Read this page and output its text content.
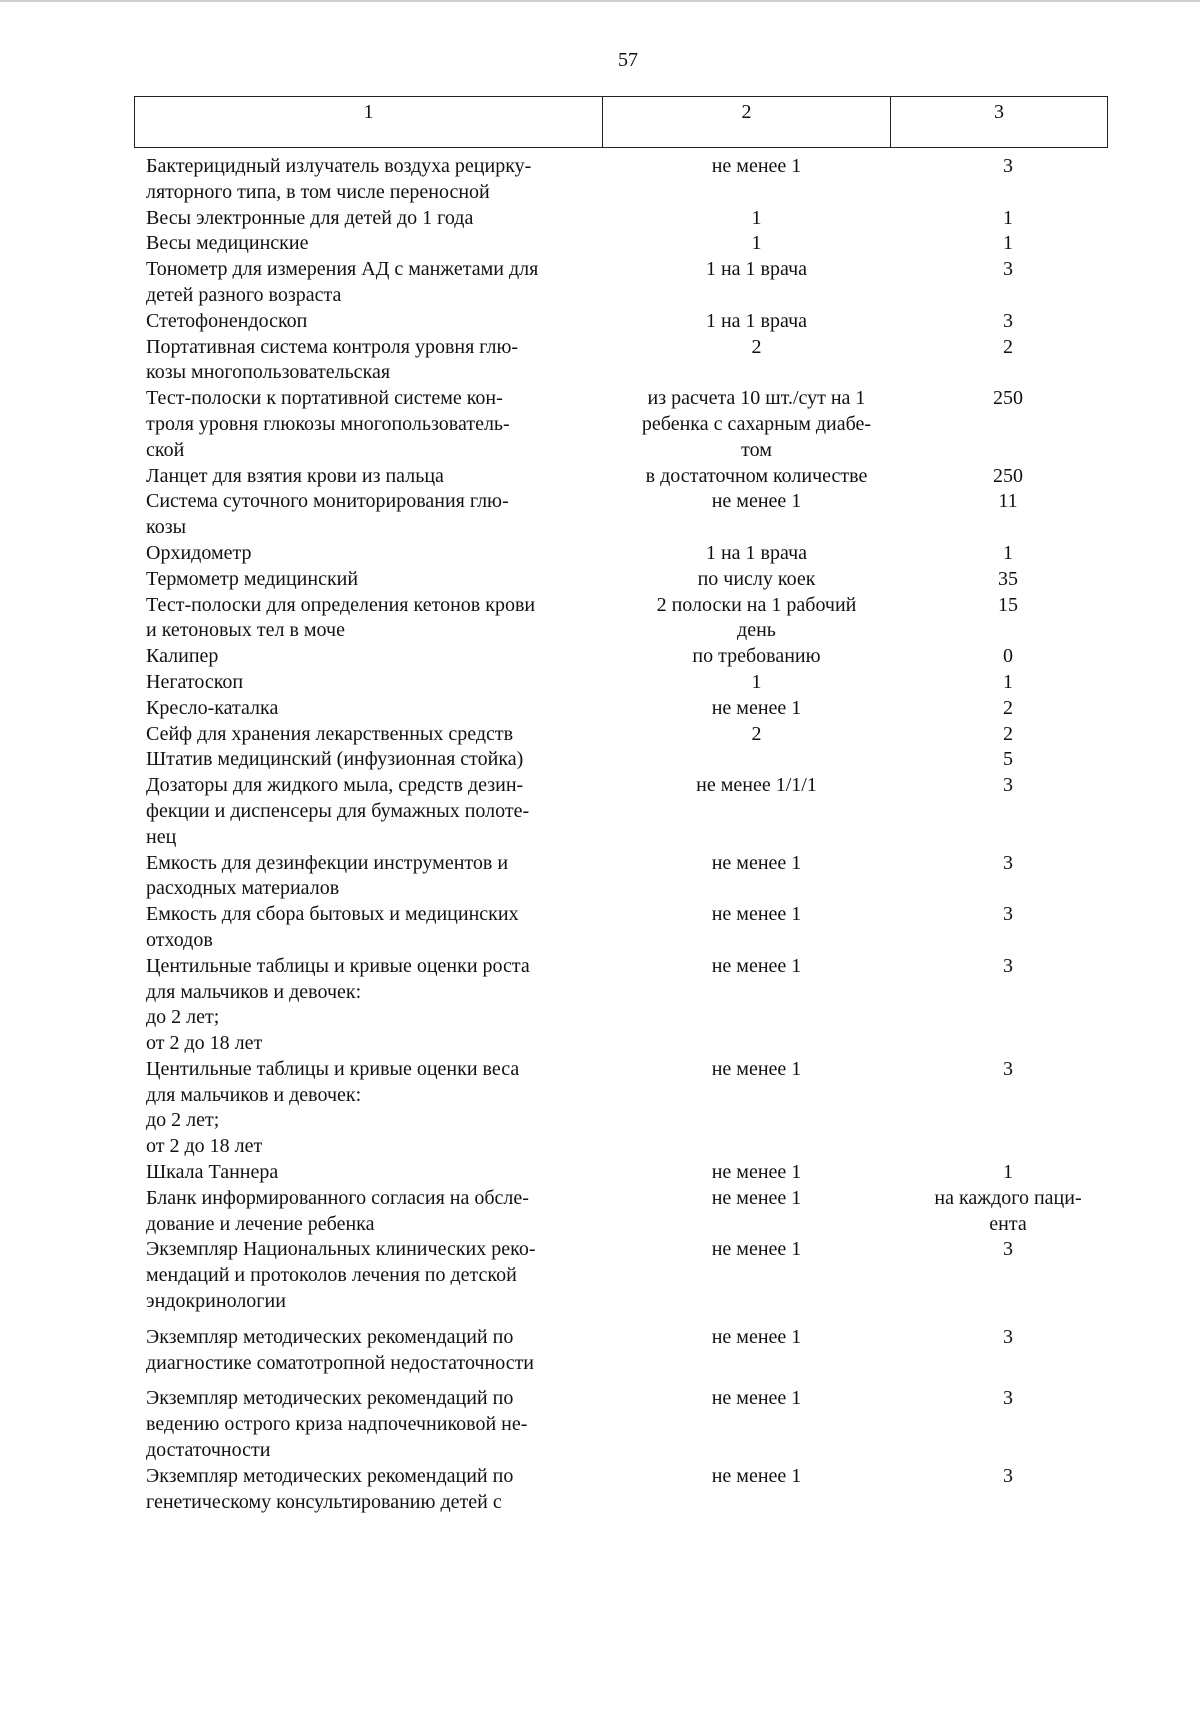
57
1	2	3
Бактерицидный излучатель воздуха рецирку-
ляторного типа, в том числе переносной	не менее 1	3

Весы электронные для детей до 1 года	1	1

Весы медицинские	1	1

Тонометр для измерения АД с манжетами для
детей разного возраста	1 на 1 врача	3

Стетофонендоскоп	1 на 1 врача	3

Портативная система контроля уровня глю-
козы многопользовательская	2	2

Тест-полоски к портативной системе кон-
троля уровня глюкозы многопользователь-
ской	из расчета 10 шт./сут на 1
ребенка с сахарным диабе-
том	250

Ланцет для взятия крови из пальца	в достаточном количестве	250

Система суточного мониторирования глю-
козы	не менее 1	11

Орхидометр	1 на 1 врача	1

Термометр медицинский	по числу коек	35

Тест-полоски для определения кетонов крови
и кетоновых тел в моче	2 полоски на 1 рабочий
день	15

Калипер	по требованию	0

Негатоскоп	1	1

Кресло-каталка	не менее 1	2

Сейф для хранения лекарственных средств	2	2

Штатив медицинский (инфузионная стойка)		5

Дозаторы для жидкого мыла, средств дезин-
фекции и диспенсеры для бумажных полоте-
нец	не менее 1/1/1	3

Емкость для дезинфекции инструментов и
расходных материалов	не менее 1	3

Емкость для сбора бытовых и медицинских
отходов	не менее 1	3

Центильные таблицы и кривые оценки роста
для мальчиков и девочек:
до 2 лет;
от 2 до 18 лет	не менее 1	3

Центильные таблицы и кривые оценки веса
для мальчиков и девочек:
до 2 лет;
от 2 до 18 лет	не менее 1	3

Шкала Таннера	не менее 1	1

Бланк информированного согласия на обсле-
дование и лечение ребенка	не менее 1	на каждого паци-
ента

Экземпляр Национальных клинических реко-
мендаций и протоколов лечения по детской
эндокринологии	не менее 1	3

Экземпляр методических рекомендаций по
диагностике соматотропной недостаточности	не менее 1	3

Экземпляр методических рекомендаций по
ведению острого криза надпочечниковой не-
достаточности	не менее 1	3

Экземпляр методических рекомендаций по
генетическому консультированию детей с	не менее 1	3
